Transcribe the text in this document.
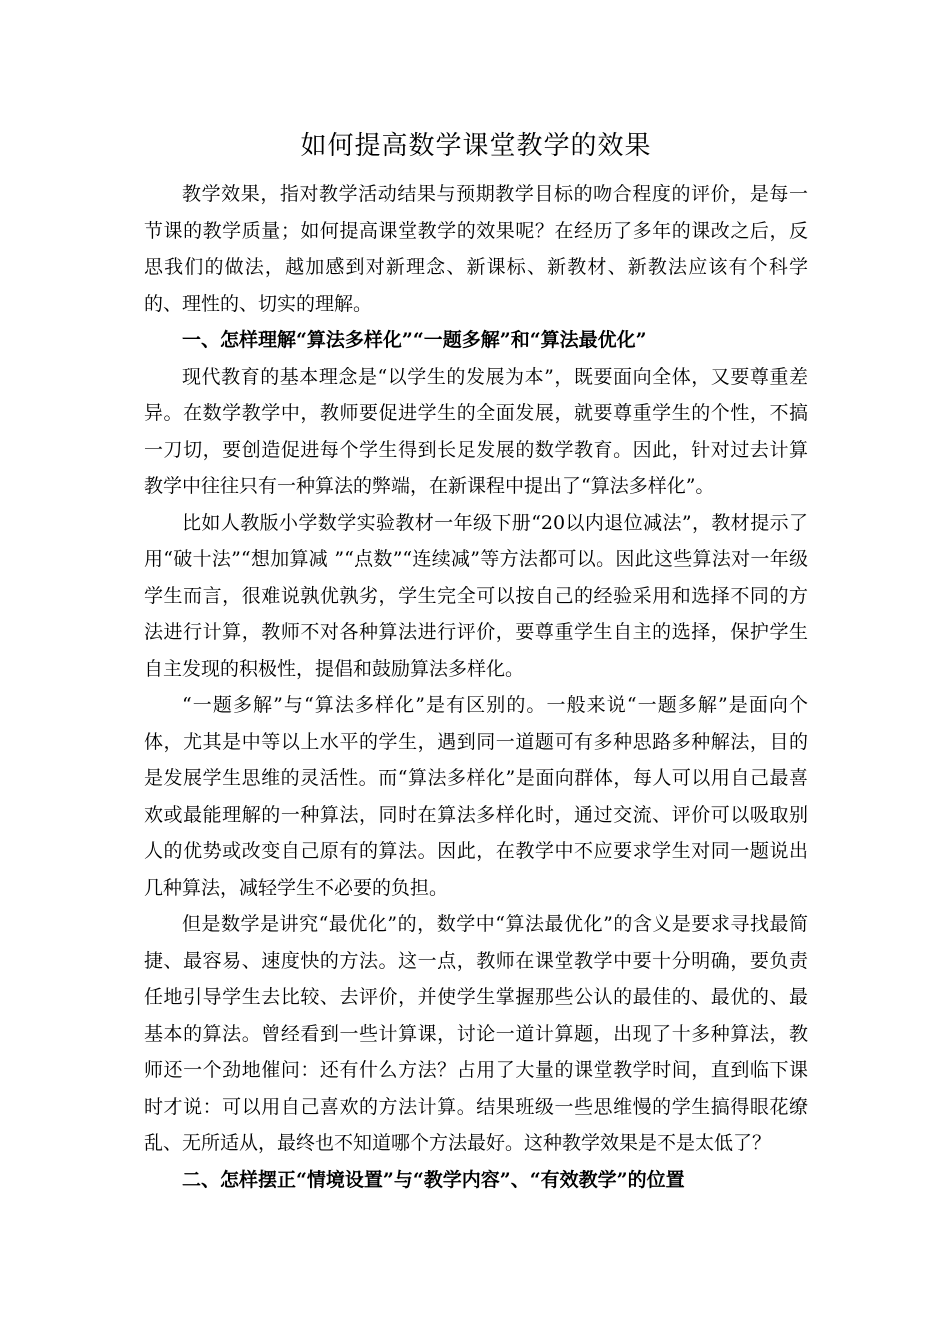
如何提高数学课堂教学的效果

教学效果，指对教学活动结果与预期教学目标的吻合程度的评价，是每一节课的教学质量；如何提高课堂教学的效果呢？在经历了多年的课改之后，反思我们的做法，越加感到对新理念、新课标、新教材、新教法应该有个科学的、理性的、切实的理解。

一、怎样理解“算法多样化”“一题多解”和“算法最优化”

现代教育的基本理念是“以学生的发展为本”，既要面向全体，又要尊重差异。在数学教学中，教师要促进学生的全面发展，就要尊重学生的个性，不搞一刀切，要创造促进每个学生得到长足发展的数学教育。因此，针对过去计算教学中往往只有一种算法的弊端，在新课程中提出了“算法多样化”。

比如人教版小学数学实验教材一年级下册“20以内退位减法”，教材提示了用“破十法”“想加算减 ”“点数”“连续减”等方法都可以。因此这些算法对一年级学生而言，很难说孰优孰劣，学生完全可以按自己的经验采用和选择不同的方法进行计算，教师不对各种算法进行评价，要尊重学生自主的选择，保护学生自主发现的积极性，提倡和鼓励算法多样化。

“一题多解”与“算法多样化”是有区别的。一般来说“一题多解”是面向个体，尤其是中等以上水平的学生，遇到同一道题可有多种思路多种解法，目的是发展学生思维的灵活性。而“算法多样化”是面向群体，每人可以用自己最喜欢或最能理解的一种算法，同时在算法多样化时，通过交流、评价可以吸取别人的优势或改变自己原有的算法。因此，在教学中不应要求学生对同一题说出几种算法，减轻学生不必要的负担。

但是数学是讲究“最优化”的，数学中“算法最优化”的含义是要求寻找最简捷、最容易、速度快的方法。这一点，教师在课堂教学中要十分明确，要负责任地引导学生去比较、去评价，并使学生掌握那些公认的最佳的、最优的、最基本的算法。曾经看到一些计算课，讨论一道计算题，出现了十多种算法，教师还一个劲地催问：还有什么方法？占用了大量的课堂教学时间，直到临下课时才说：可以用自己喜欢的方法计算。结果班级一些思维慢的学生搞得眼花缭乱、无所适从，最终也不知道哪个方法最好。这种教学效果是不是太低了？

二、怎样摆正“情境设置”与“教学内容”、“有效教学”的位置
